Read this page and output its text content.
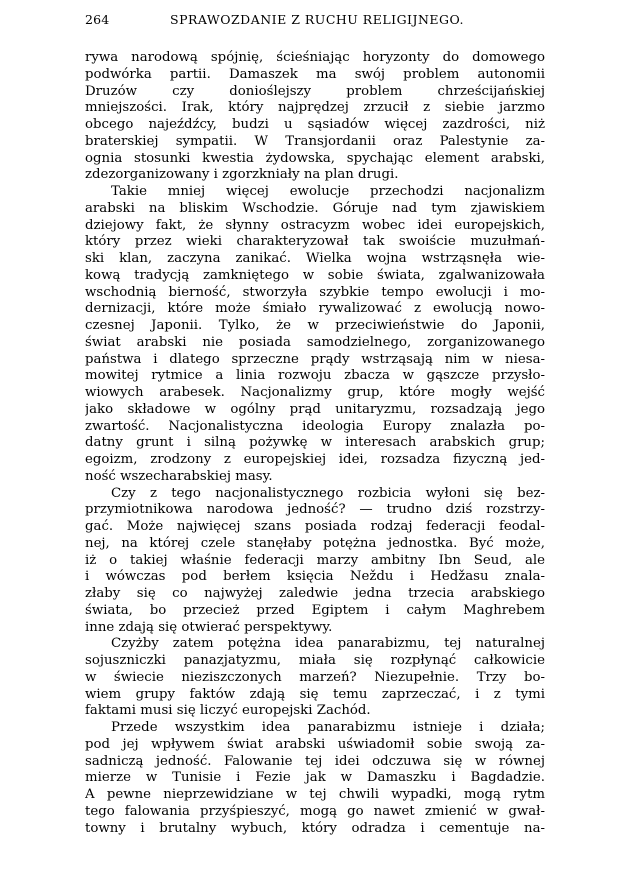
264	SPRAWOZDANIE Z RUCHU RELIGIJNEGO.
rywa narodową spójnię, ścieśniając horyzonty do domowego
podwórka partii. Damaszek ma swój problem autonomii
Druzów czy donioślejszy problem chrześcijańskiej
mniejszości. Irak, który najprędzej zrzucił z siebie jarzmo
obcego najeźdźcy, budzi u sąsiadów więcej zazdrości, niż
braterskiej sympatii. W Transjordanii oraz Palestynie za-
ognia stosunki kwestia żydowska, spychając element arabski,
zdezorganizowany i zgorzkniały na plan drugi.
Takie mniej więcej ewolucje przechodzi nacjonalizm
arabski na bliskim Wschodzie. Góruje nad tym zjawiskiem
dziejowy fakt, że słynny ostracyzm wobec idei europejskich,
który przez wieki charakteryzował tak swoiście muzułmań-
ski klan, zaczyna zanikać. Wielka wojna wstrząsnęła wie-
kową tradycją zamkniętego w sobie świata, zgalwanizowała
wschodnią bierność, stworzyła szybkie tempo ewolucji i mo-
dernizacji, które może śmiało rywalizować z ewolucją nowo-
czesnej Japonii. Tylko, że w przeciwieństwie do Japonii,
świat arabski nie posiada samodzielnego, zorganizowanego
państwa i dlatego sprzeczne prądy wstrząsają nim w niesa-
mowitej rytmice a linia rozwoju zbacza w gąszcze przysło-
wiowych arabesek. Nacjonalizmy grup, które mogły wejść
jako składowe w ogólny prąd unitaryzmu, rozsadzają jego
zwartość. Nacjonalistyczna ideologia Europy znalazła po-
datny grunt i silną pożywkę w interesach arabskich grup;
egoizm, zrodzony z europejskiej idei, rozsadza fizyczną jed-
ność wszecharabskiej masy.
Czy z tego nacjonalistycznego rozbicia wyłoni się bez-
przymiotnikowa narodowa jedność? — trudno dziś rozstrzy-
gać. Może najwięcej szans posiada rodzaj federacji feodal-
nej, na której czele stanęłaby potężna jednostka. Być może,
iż o takiej właśnie federacji marzy ambitny Ibn Seud, ale
i wówczas pod berłem księcia Neždu i Hedžasu znala-
złaby się co najwyżej zaledwie jedna trzecia arabskiego
świata, bo przecież przed Egiptem i całym Maghrebem
inne zdają się otwierać perspektywy.
Czyżby zatem potężna idea panarabizmu, tej naturalnej
sojuszniczki panazjatyzmu, miała się rozpłynąć całkowicie
w świecie nieziszczonych marzeń? Niezupełnie. Trzy bo-
wiem grupy faktów zdają się temu zaprzeczać, i z tymi
faktami musi się liczyć europejski Zachód.
Przede wszystkim idea panarabizmu istnieje i działa;
pod jej wpływem świat arabski uświadomił sobie swoją za-
sadniczą jedność. Falowanie tej idei odczuwa się w równej
mierze w Tunisie i Fezie jak w Damaszku i Bagdadzie.
A pewne nieprzewidziane w tej chwili wypadki, mogą rytm
tego falowania przyśpieszyć, mogą go nawet zmienić w gwał-
towny i brutalny wybuch, który odradza i cementuje na-
